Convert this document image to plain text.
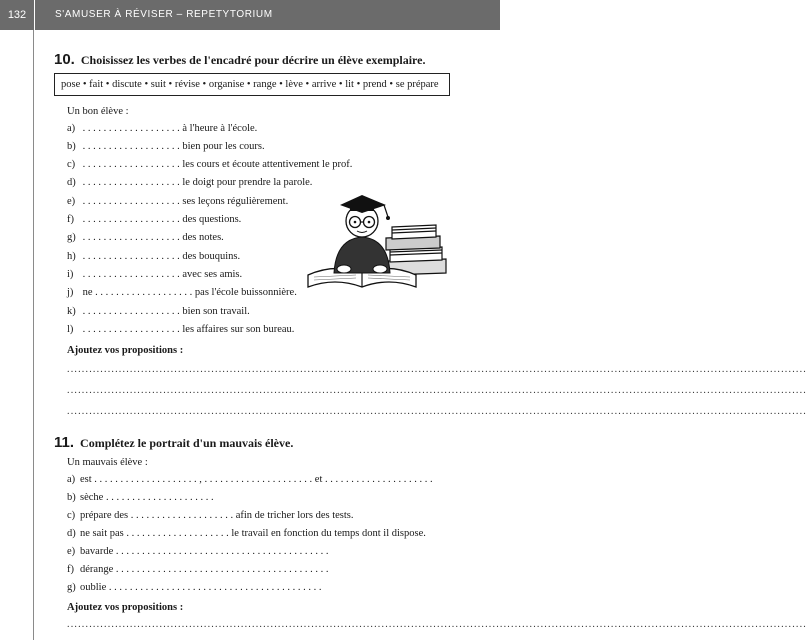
132	S'AMUSER À RÉVISER – REPETYTORIUM
10. Choisissez les verbes de l'encadré pour décrire un élève exemplaire.
pose • fait • discute • suit • révise • organise • range • lève • arrive • lit • prend • se prépare
Un bon élève :
a) . . . . . . . . . . . . . . . . . . . à l'heure à l'école.
b) . . . . . . . . . . . . . . . . . . . bien pour les cours.
c) . . . . . . . . . . . . . . . . . . . les cours et écoute attentivement le prof.
d) . . . . . . . . . . . . . . . . . . . le doigt pour prendre la parole.
e) . . . . . . . . . . . . . . . . . . . ses leçons régulièrement.
f) . . . . . . . . . . . . . . . . . . . des questions.
g) . . . . . . . . . . . . . . . . . . . des notes.
h) . . . . . . . . . . . . . . . . . . . des bouquins.
i) . . . . . . . . . . . . . . . . . . . avec ses amis.
j) ne . . . . . . . . . . . . . . . . . . . pas l'école buissonnière.
k) . . . . . . . . . . . . . . . . . . . bien son travail.
l) . . . . . . . . . . . . . . . . . . . les affaires sur son bureau.
Ajoutez vos propositions :
........................................................................................................................................................................................................
........................................................................................................................................................................................................
........................................................................................................................................................................................................
11. Complétez le portrait d'un mauvais élève.
Un mauvais élève :
a) est . . . . . . . . . . . . . . . . . . . . , . . . . . . . . . . . . . . . . . . . . . et . . . . . . . . . . . . . . . . . . . . .
b) sèche . . . . . . . . . . . . . . . . . . . . .
c) prépare des . . . . . . . . . . . . . . . . . . . . afin de tricher lors des tests.
d) ne sait pas . . . . . . . . . . . . . . . . . . . . le travail en fonction du temps dont il dispose.
e) bavarde . . . . . . . . . . . . . . . . . . . . . . . . . . . . . . . . . . . . . . . . .
f) dérange . . . . . . . . . . . . . . . . . . . . . . . . . . . . . . . . . . . . . . . . .
g) oublie . . . . . . . . . . . . . . . . . . . . . . . . . . . . . . . . . . . . . . . . .
Ajoutez vos propositions :
........................................................................................................................................................................................................
